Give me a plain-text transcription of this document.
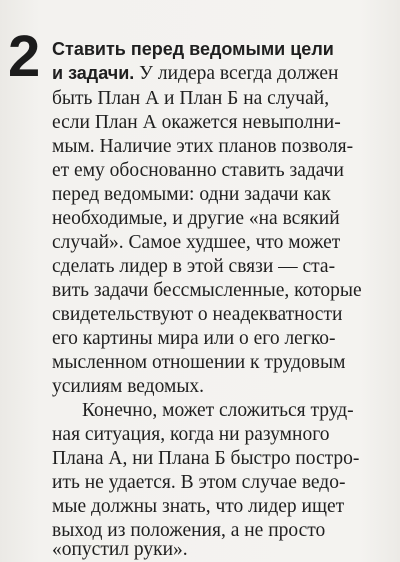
2 Ставить перед ведомыми цели
и задачи. У лидера всегда должен
быть План А и План Б на случай,
если План А окажется невыполни-
мым. Наличие этих планов позволя-
ет ему обоснованно ставить задачи
перед ведомыми: одни задачи как
необходимые, и другие «на всякий
случай». Самое худшее, что может
сделать лидер в этой связи — ста-
вить задачи бессмысленные, которые
свидетельствуют о неадекватности
его картины мира или о его легко-
мысленном отношении к трудовым
усилиям ведомых.
Конечно, может сложиться труд-
ная ситуация, когда ни разумного
Плана А, ни Плана Б быстро постро-
ить не удается. В этом случае ведо-
мые должны знать, что лидер ищет
выход из положения, а не просто
«опустил руки».
